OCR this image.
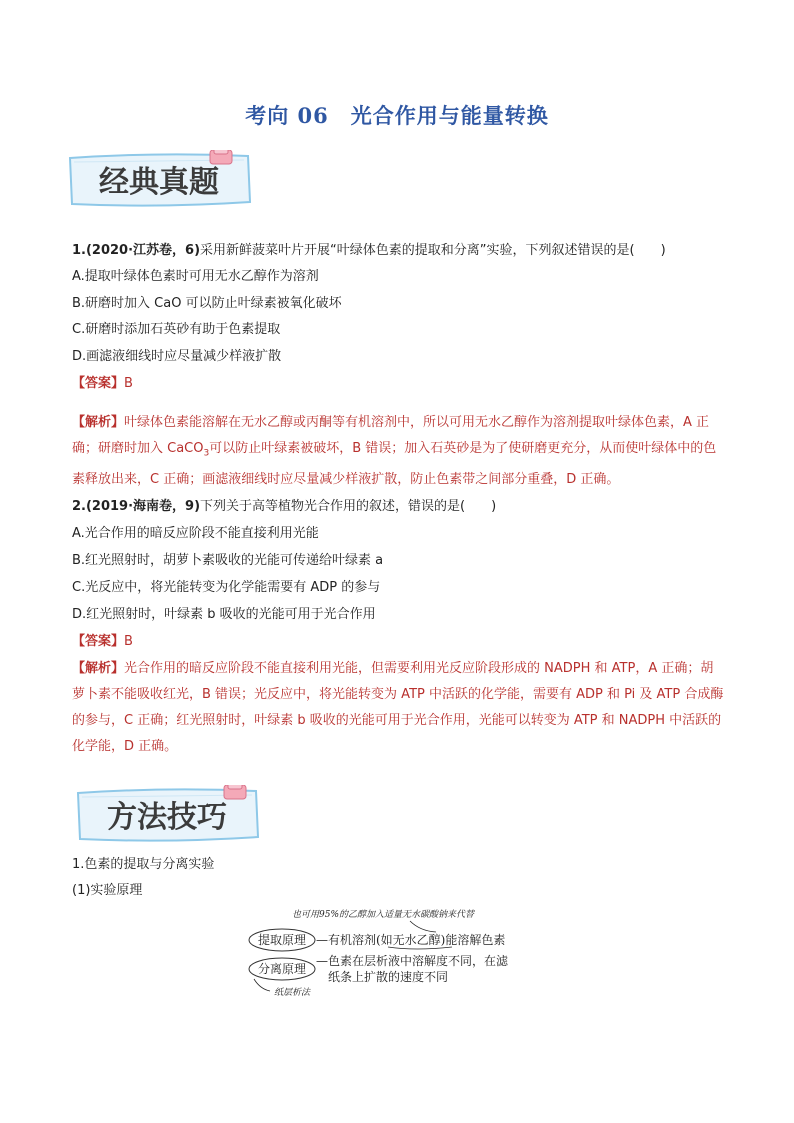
考向 06　光合作用与能量转换
经典真题
1.(2020·江苏卷，6)采用新鲜菠菜叶片开展“叶绿体色素的提取和分离”实验，下列叙述错误的是(　　)
A.提取叶绿体色素时可用无水乙醇作为溶剂
B.研磨时加入 CaO 可以防止叶绿素被氧化破坏
C.研磨时添加石英砂有助于色素提取
D.画滤液细线时应尽量减少样液扩散
【答案】B
【解析】叶绿体色素能溶解在无水乙醇或丙酮等有机溶剂中，所以可用无水乙醇作为溶剂提取叶绿体色素，A 正确；研磨时加入 CaCO$_3$可以防止叶绿素被破坏，B 错误；加入石英砂是为了使研磨更充分，从而使叶绿体中的色素释放出来，C 正确；画滤液细线时应尽量减少样液扩散，防止色素带之间部分重叠，D 正确。
2.(2019·海南卷，9)下列关于高等植物光合作用的叙述，错误的是(　　)
A.光合作用的暗反应阶段不能直接利用光能
B.红光照射时，胡萝卜素吸收的光能可传递给叶绿素 a
C.光反应中，将光能转变为化学能需要有 ADP 的参与
D.红光照射时，叶绿素 b 吸收的光能可用于光合作用
【答案】B
【解析】光合作用的暗反应阶段不能直接利用光能，但需要利用光反应阶段形成的 NADPH 和 ATP，A 正确；胡萝卜素不能吸收红光，B 错误；光反应中，将光能转变为 ATP 中活跃的化学能，需要有 ADP 和 Pi 及 ATP 合成酶的参与，C 正确；红光照射时，叶绿素 b 吸收的光能可用于光合作用，光能可以转变为 ATP 和 NADPH 中活跃的化学能，D 正确。
方法技巧
1.色素的提取与分离实验
(1)实验原理
也可用95%的乙醇加入适量无水碳酸钠来代替
提取原理 —有机溶剂(如无水乙醇)能溶解色素
分离原理
—色素在层析液中溶解度不同，在滤
纸条上扩散的速度不同
纸层析法
